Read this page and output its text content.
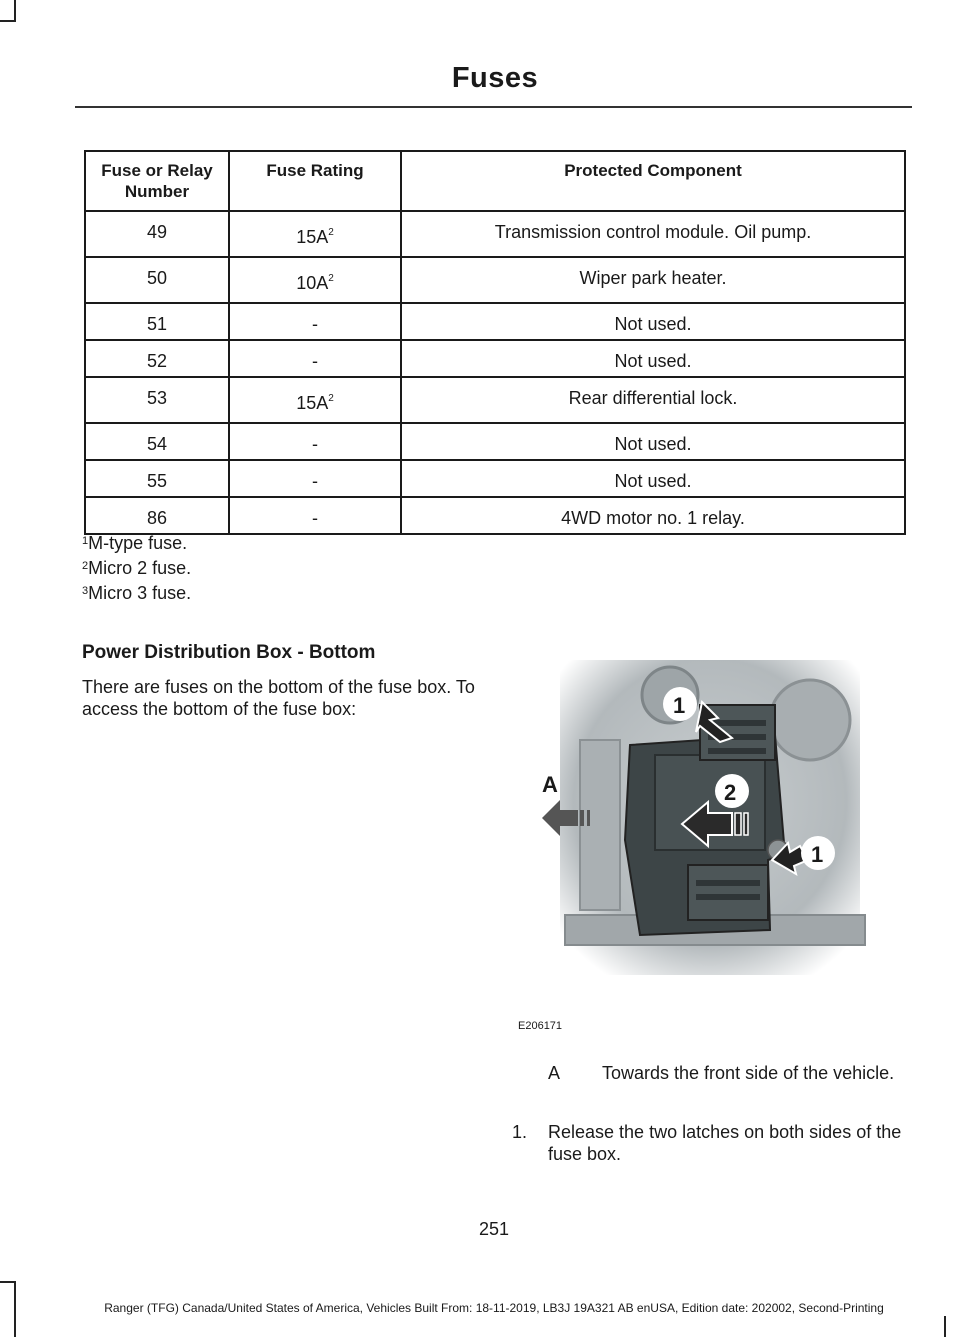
Fuses
Fuse or Relay Number	Fuse Rating	Protected Component
49	$15A^2$	Transmission control module. Oil pump.
50	$10A^2$	Wiper park heater.
51	-	Not used.
52	-	Not used.
53	$15A^2$	Rear differential lock.
54	-	Not used.
55	-	Not used.
86	-	4WD motor no. 1 relay.
$^1$M-type fuse.
$^2$Micro 2 fuse.
$^3$Micro 3 fuse.
Power Distribution Box - Bottom
There are fuses on the bottom of the fuse box. To access the bottom of the fuse box:
A	2
1
1
E206171
A	Towards the front side of the vehicle.
1. Release the two latches on both sides of the fuse box.
251
Ranger (TFG) Canada/United States of America, Vehicles Built From: 18-11-2019, LB3J 19A321 AB enUSA, Edition date: 202002, Second-Printing
